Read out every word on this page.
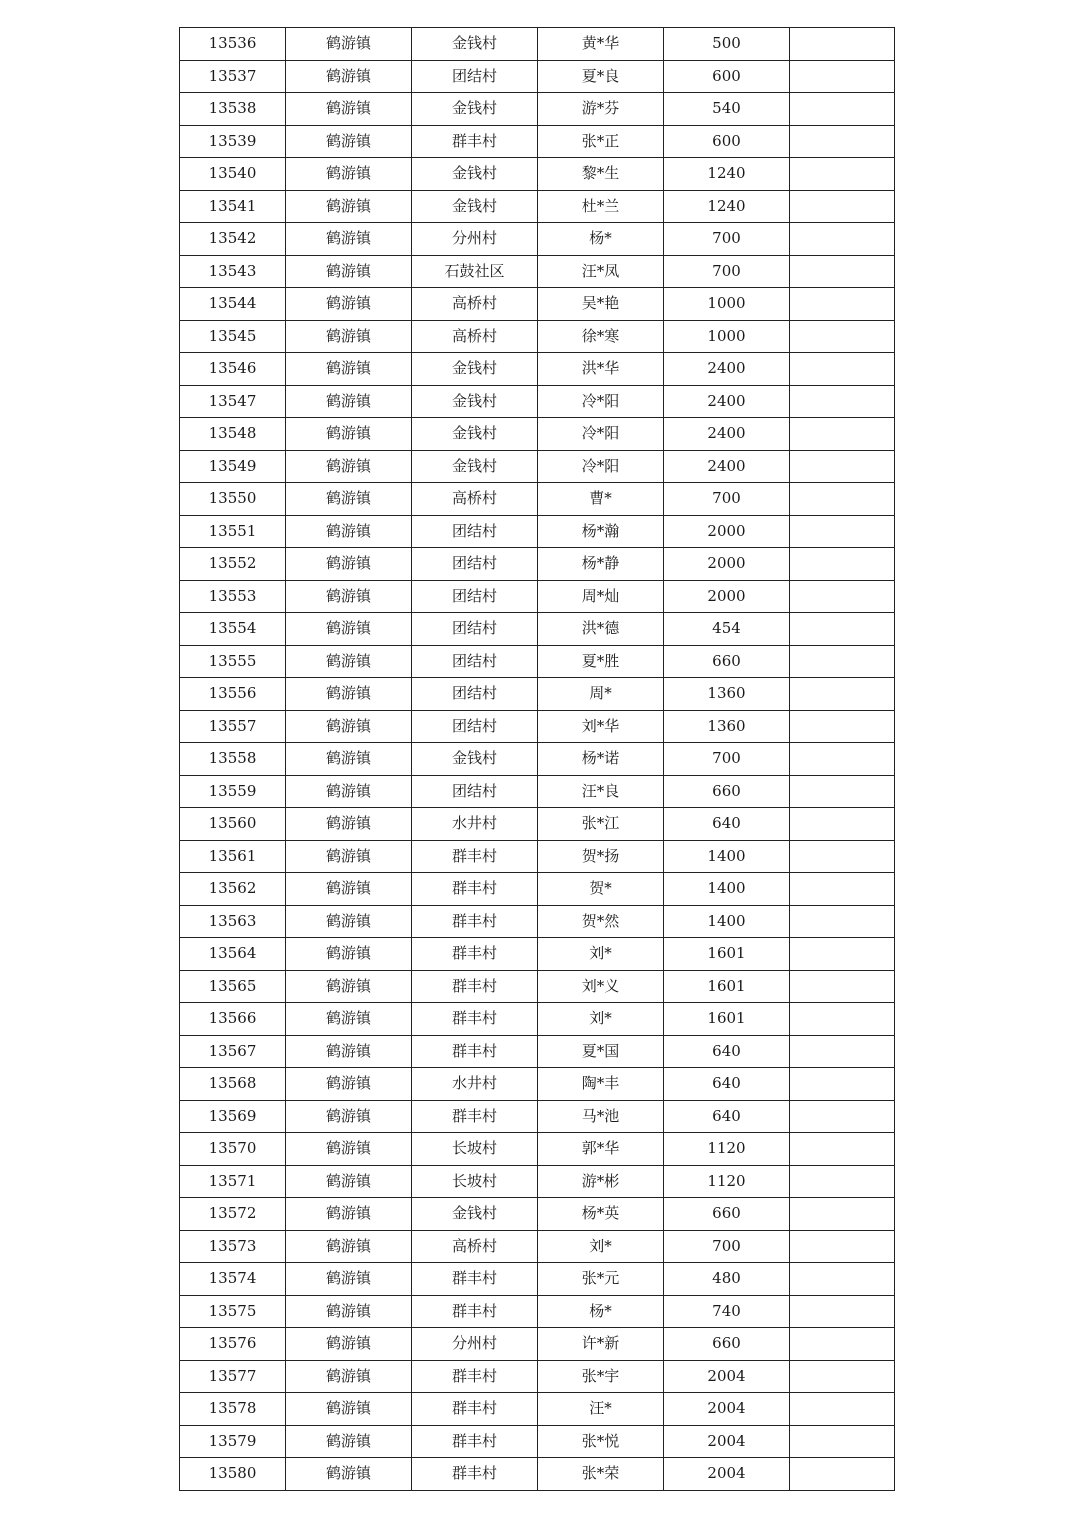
13536	鹤游镇	金钱村	黄*华	500	
13537	鹤游镇	团结村	夏*良	600	
13538	鹤游镇	金钱村	游*芬	540	
13539	鹤游镇	群丰村	张*正	600	
13540	鹤游镇	金钱村	黎*生	1240	
13541	鹤游镇	金钱村	杜*兰	1240	
13542	鹤游镇	分州村	杨*	700	
13543	鹤游镇	石鼓社区	汪*凤	700	
13544	鹤游镇	高桥村	吴*艳	1000	
13545	鹤游镇	高桥村	徐*寒	1000	
13546	鹤游镇	金钱村	洪*华	2400	
13547	鹤游镇	金钱村	冷*阳	2400	
13548	鹤游镇	金钱村	冷*阳	2400	
13549	鹤游镇	金钱村	冷*阳	2400	
13550	鹤游镇	高桥村	曹*	700	
13551	鹤游镇	团结村	杨*瀚	2000	
13552	鹤游镇	团结村	杨*静	2000	
13553	鹤游镇	团结村	周*灿	2000	
13554	鹤游镇	团结村	洪*德	454	
13555	鹤游镇	团结村	夏*胜	660	
13556	鹤游镇	团结村	周*	1360	
13557	鹤游镇	团结村	刘*华	1360	
13558	鹤游镇	金钱村	杨*诺	700	
13559	鹤游镇	团结村	汪*良	660	
13560	鹤游镇	水井村	张*江	640	
13561	鹤游镇	群丰村	贺*扬	1400	
13562	鹤游镇	群丰村	贺*	1400	
13563	鹤游镇	群丰村	贺*然	1400	
13564	鹤游镇	群丰村	刘*	1601	
13565	鹤游镇	群丰村	刘*义	1601	
13566	鹤游镇	群丰村	刘*	1601	
13567	鹤游镇	群丰村	夏*国	640	
13568	鹤游镇	水井村	陶*丰	640	
13569	鹤游镇	群丰村	马*池	640	
13570	鹤游镇	长坡村	郭*华	1120	
13571	鹤游镇	长坡村	游*彬	1120	
13572	鹤游镇	金钱村	杨*英	660	
13573	鹤游镇	高桥村	刘*	700	
13574	鹤游镇	群丰村	张*元	480	
13575	鹤游镇	群丰村	杨*	740	
13576	鹤游镇	分州村	许*新	660	
13577	鹤游镇	群丰村	张*宇	2004	
13578	鹤游镇	群丰村	汪*	2004	
13579	鹤游镇	群丰村	张*悦	2004	
13580	鹤游镇	群丰村	张*荣	2004	
